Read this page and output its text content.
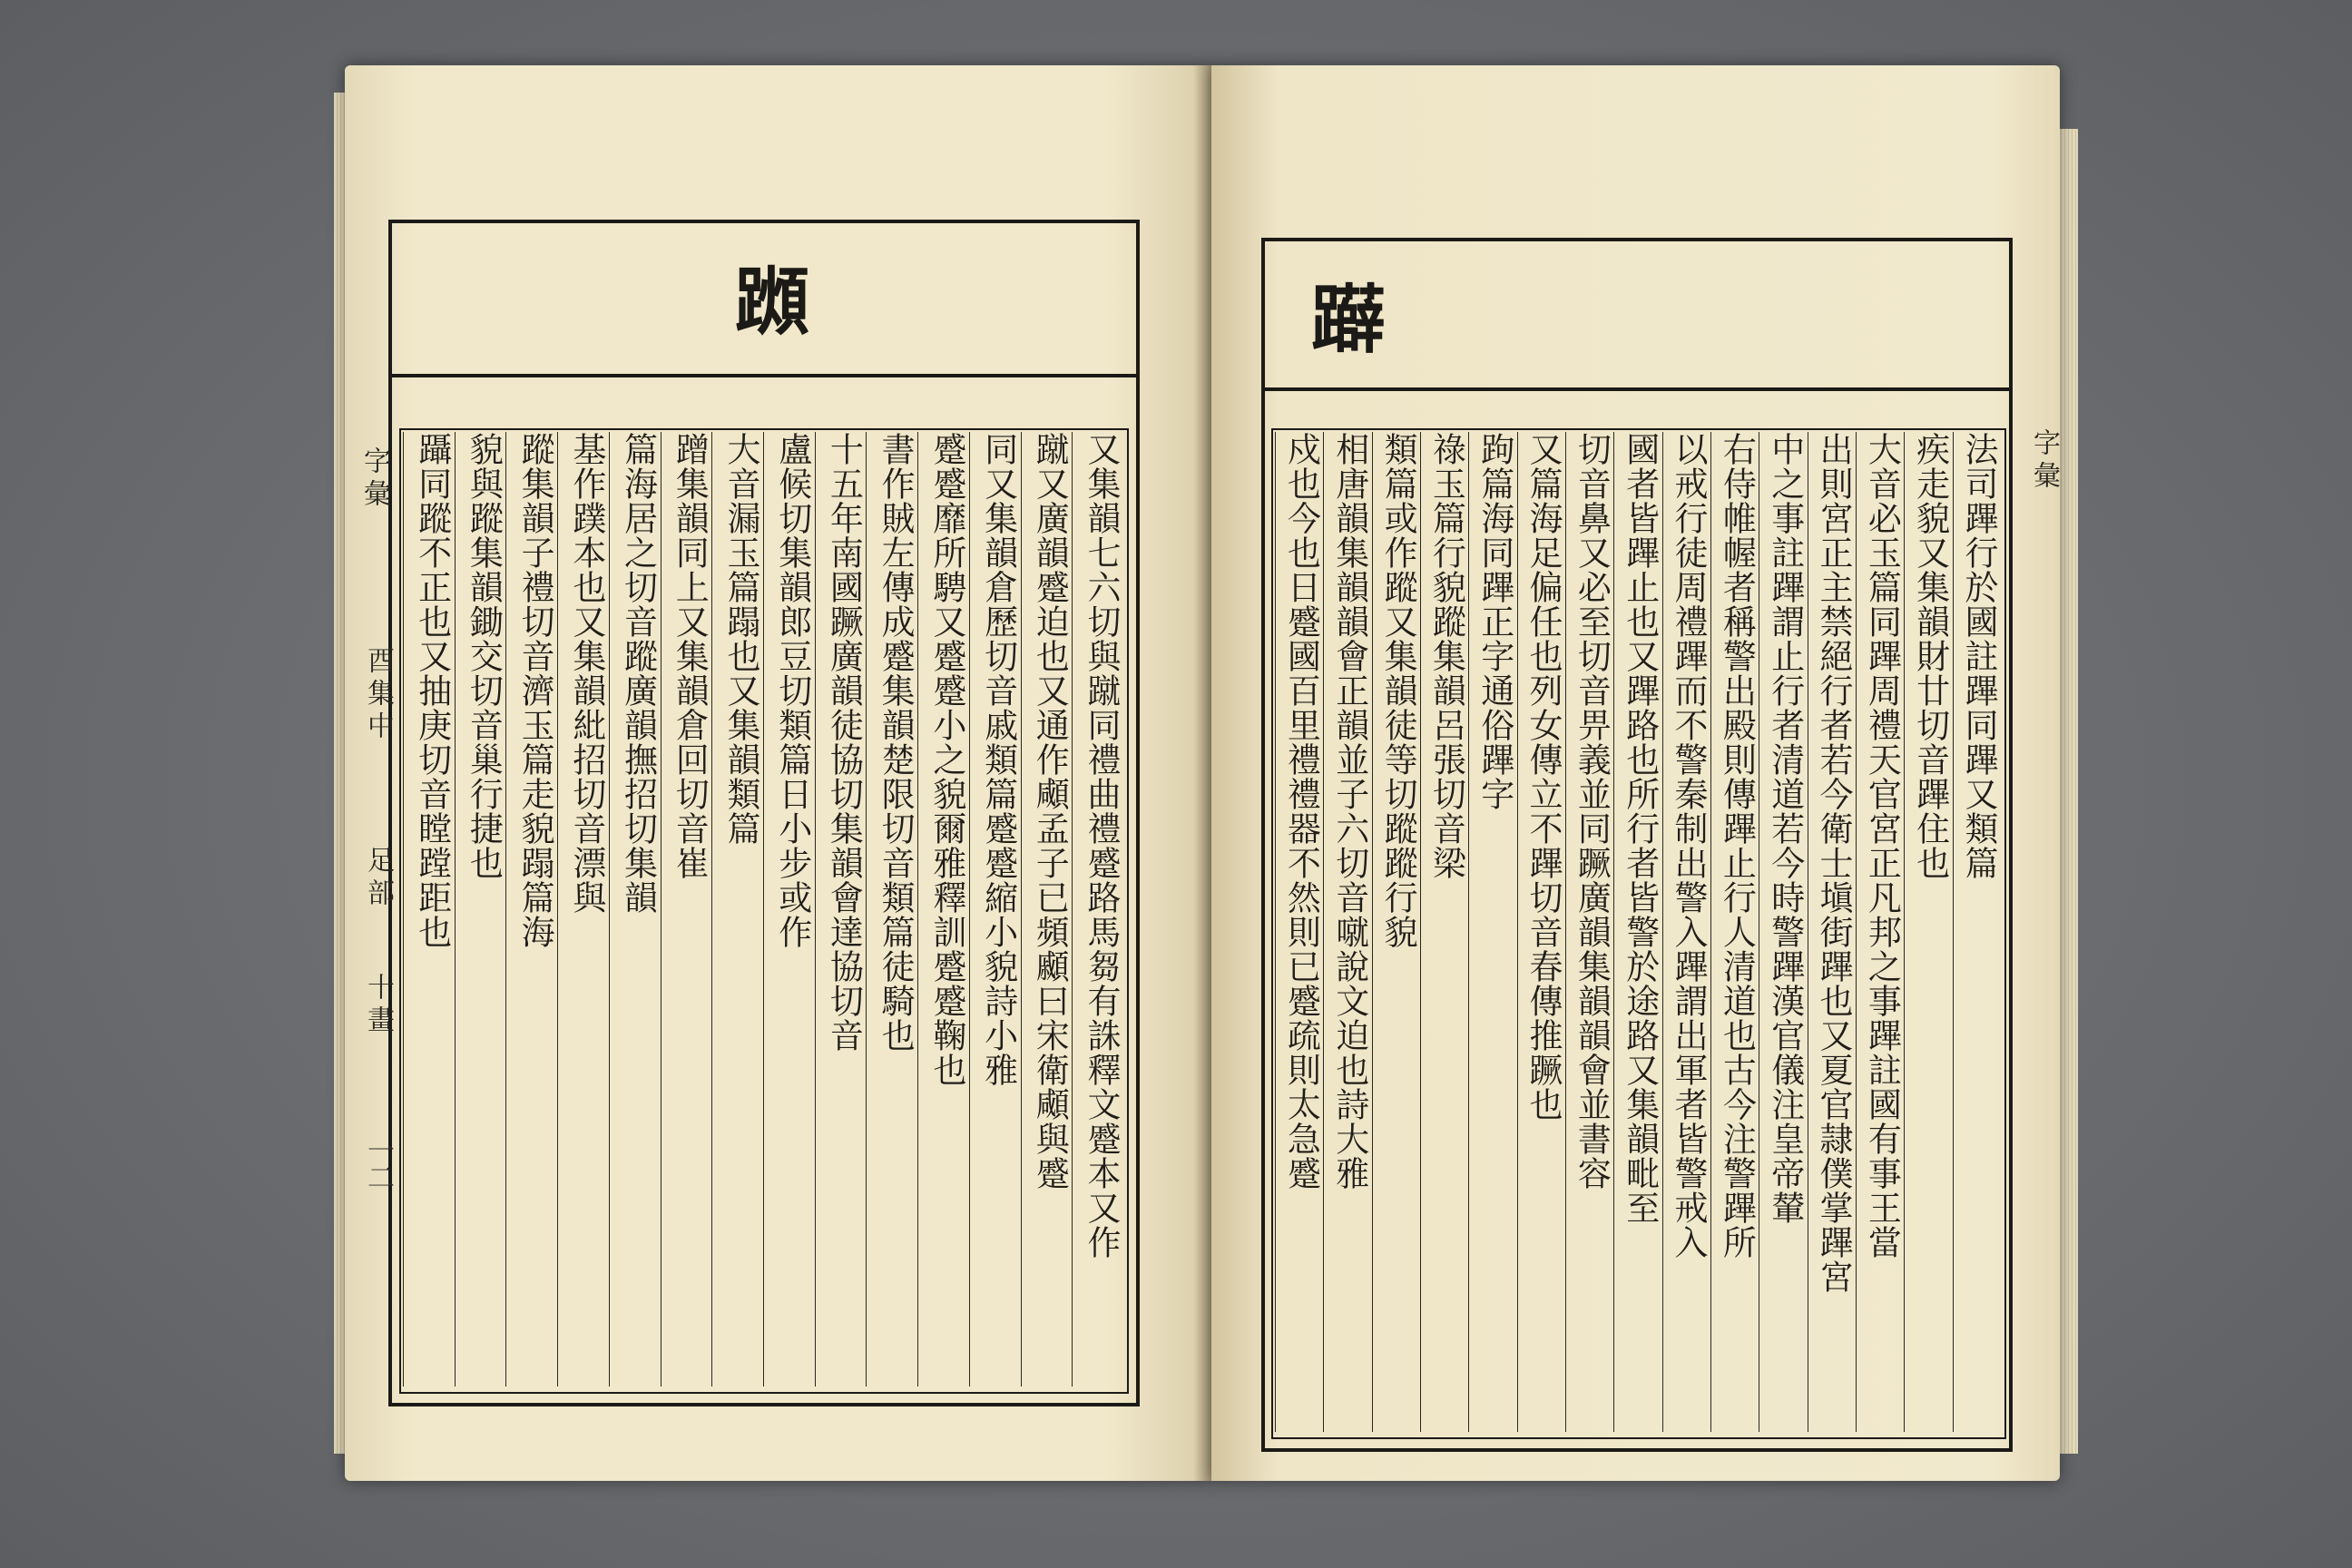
𨆌
字彙
酉集中
足部
十畫
一二	又集韻七六切與蹴同禮曲禮蹙路馬芻有誅釋文蹙本又作
蹴又廣韻蹙迫也又通作顑孟子已頻顣曰宋衛顑與蹙
同又集韻倉歷切音戚類篇蹙蹙縮小貌詩小雅
蹙蹙靡所騁又蹙蹙小之貌爾雅釋訓蹙蹙鞠也
書作賊左傳成蹙集韻楚限切音類篇徒騎也
十五年南國蹶廣韻徒協切集韻會達協切音
盧候切集韻郎豆切類篇日小步或作
大音漏玉篇蹋也又集韻類篇
蹭集韻同上又集韻倉回切音崔
篇海居之切音蹤廣韻撫招切集韻
基作蹼本也又集韻紕招切音漂與
蹤集韻子禮切音濟玉篇走貌蹋篇海
貌與蹤集韻鋤交切音巢行捷也
躡同蹤不正也又抽庚切音瞠蹚距也
𨇨
字彙
法司蹕行於國註蹕同蹕又類篇
疾走貌又集韻財廿切音蹕住也
大音必玉篇同蹕周禮天官宮正凡邦之事蹕註國有事王當
出則宮正主禁絕行者若今衛士塡街蹕也又夏官隷僕掌蹕宮
中之事註蹕謂止行者清道若今時警蹕漢官儀注皇帝輦
右侍帷幄者稱警出殿則傳蹕止行人清道也古今注警蹕所
以戒行徒周禮蹕而不警秦制出警入蹕謂出軍者皆警戒入
國者皆蹕止也又蹕路也所行者皆警於途路又集韻毗至
切音鼻又必至切音畀義並同蹶廣韻集韻韻會並書容
又篇海足偏任也列女傳立不蹕切音春傳推蹶也
跔篇海同蹕正字通俗蹕字
祿玉篇行貌蹤集韻呂張切音梁
類篇或作蹤又集韻徒等切蹤蹤行貌
相唐韻集韻韻會正韻並子六切音噈說文迫也詩大雅
戍也今也日蹙國百里禮禮器不然則已蹙疏則太急蹙
